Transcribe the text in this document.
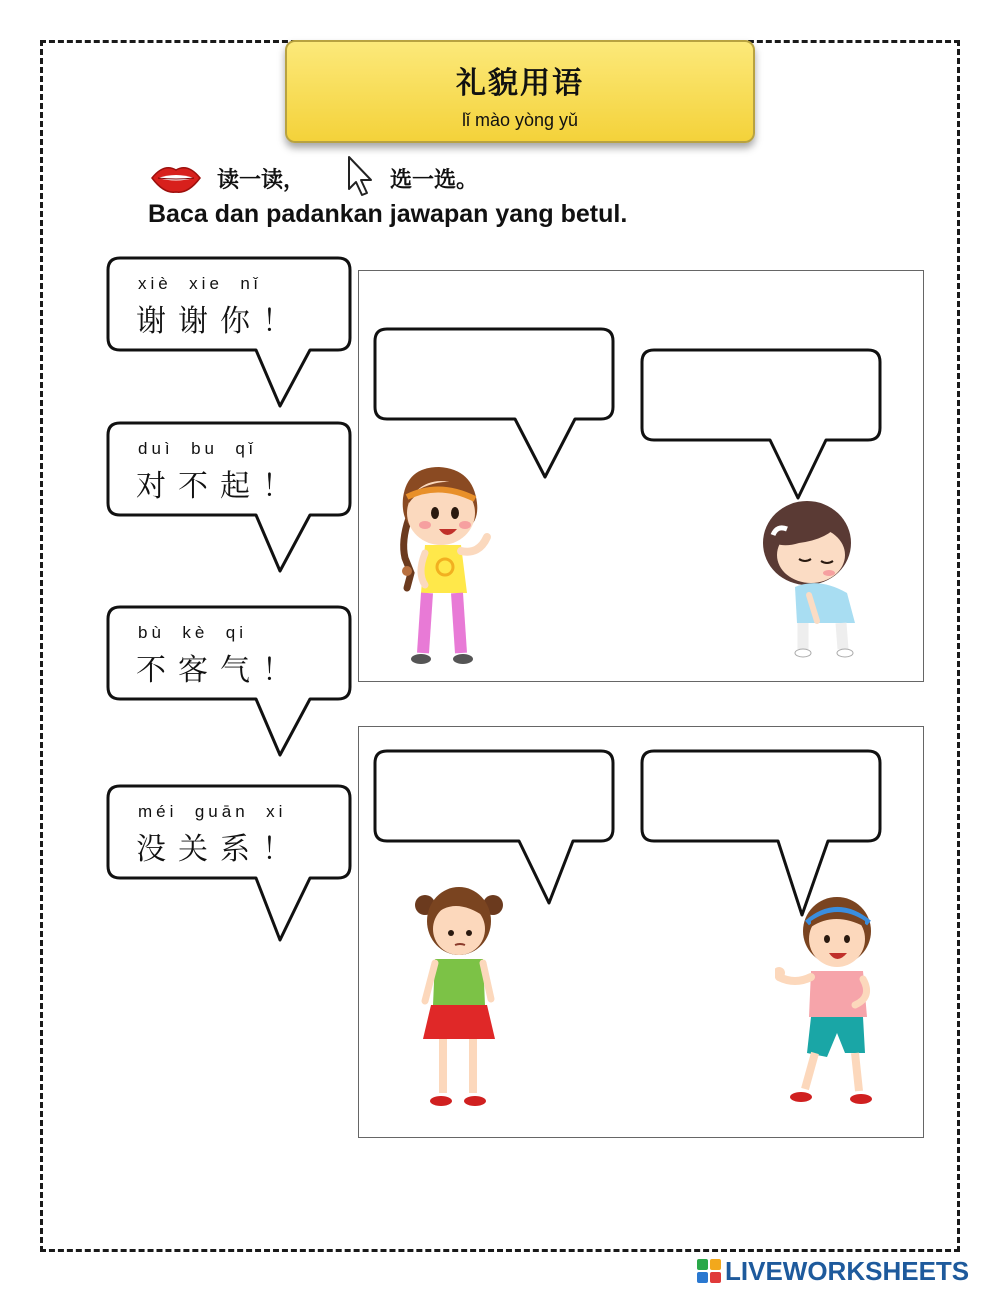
礼貌用语
lǐ mào yòng yǔ
读一读，	选一选。
Baca dan padankan jawapan yang betul.
xiè  xie  nǐ
谢谢你！
duì  bu  qǐ
对不起！
bù  kè  qi
不客气！
méi  guān  xi
没关系！
LIVEWORKSHEETS
